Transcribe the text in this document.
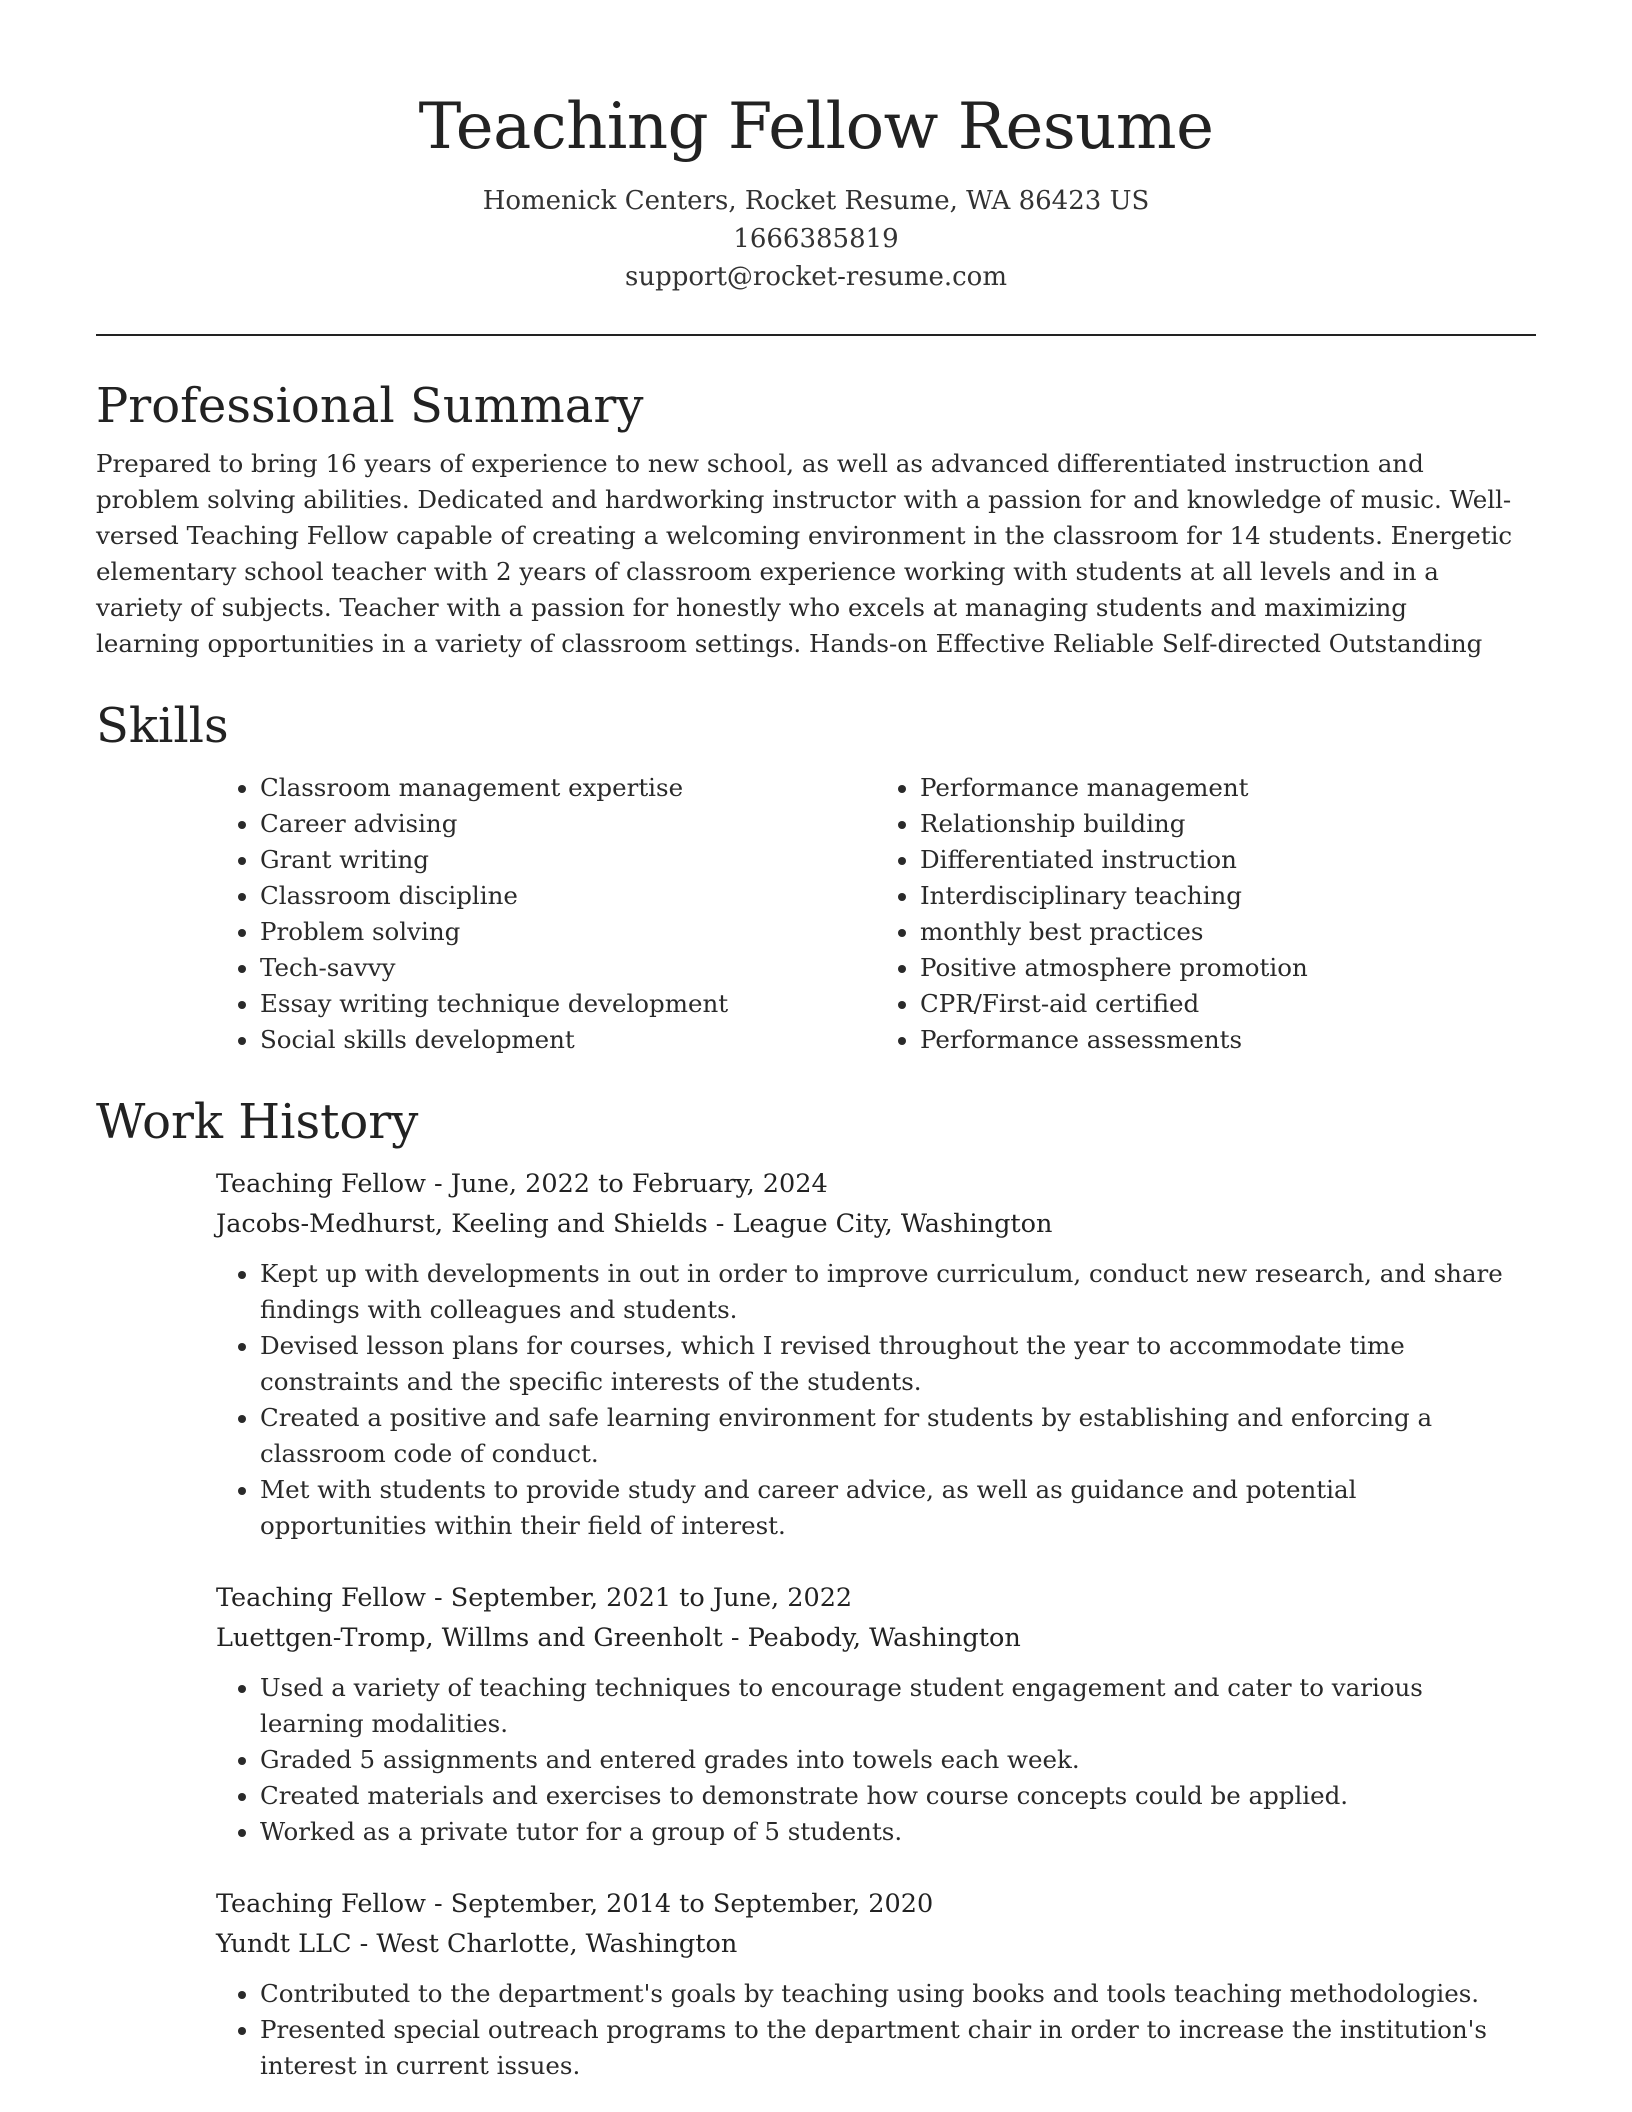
Teaching Fellow Resume

Homenick Centers, Rocket Resume, WA 86423 US

1666385819

support@rocket-resume.com

Professional Summary

Prepared to bring 16 years of experience to new school, as well as advanced differentiated instruction and problem solving abilities. Dedicated and hardworking instructor with a passion for and knowledge of music. Well-versed Teaching Fellow capable of creating a welcoming environment in the classroom for 14 students. Energetic elementary school teacher with 2 years of classroom experience working with students at all levels and in a variety of subjects. Teacher with a passion for honestly who excels at managing students and maximizing learning opportunities in a variety of classroom settings. Hands-on Effective Reliable Self-directed Outstanding

Skills
• Classroom management expertise
• Career advising
• Grant writing
• Classroom discipline
• Problem solving
• Tech-savvy
• Essay writing technique development
• Social skills development
• Performance management
• Relationship building
• Differentiated instruction
• Interdisciplinary teaching
• monthly best practices
• Positive atmosphere promotion
• CPR/First-aid certified
• Performance assessments
Work History

Teaching Fellow - June, 2022 to February, 2024

Jacobs-Medhurst, Keeling and Shields - League City, Washington

• Kept up with developments in out in order to improve curriculum, conduct new research, and share findings with colleagues and students.
• Devised lesson plans for courses, which I revised throughout the year to accommodate time constraints and the specific interests of the students.
• Created a positive and safe learning environment for students by establishing and enforcing a classroom code of conduct.
• Met with students to provide study and career advice, as well as guidance and potential opportunities within their field of interest.

Teaching Fellow - September, 2021 to June, 2022

Luettgen-Tromp, Willms and Greenholt - Peabody, Washington

• Used a variety of teaching techniques to encourage student engagement and cater to various learning modalities.
• Graded 5 assignments and entered grades into towels each week.
• Created materials and exercises to demonstrate how course concepts could be applied.
• Worked as a private tutor for a group of 5 students.

Teaching Fellow - September, 2014 to September, 2020

Yundt LLC - West Charlotte, Washington

• Contributed to the department's goals by teaching using books and tools teaching methodologies.
• Presented special outreach programs to the department chair in order to increase the institution's interest in current issues.
